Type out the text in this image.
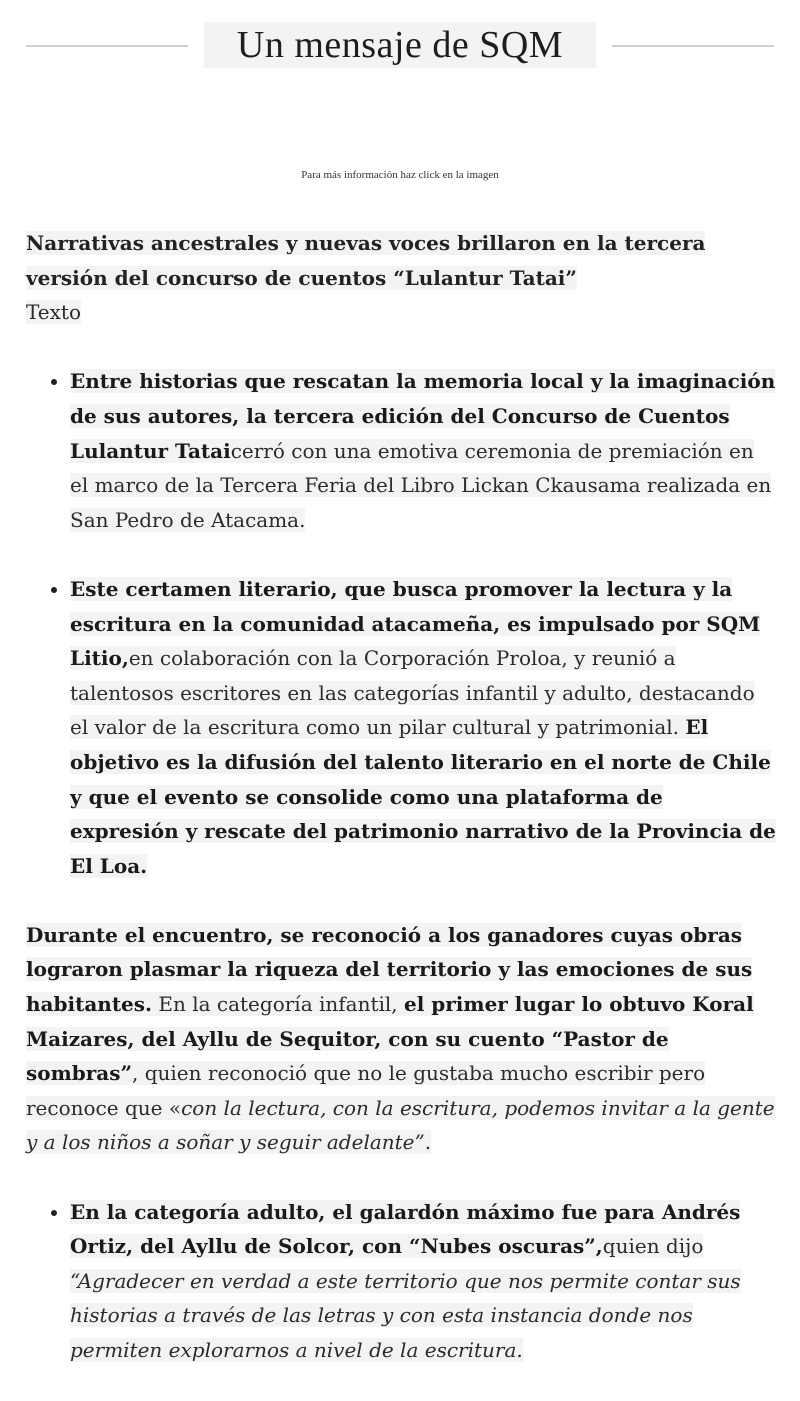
Un mensaje de SQM
Para más información haz click en la imagen

Narrativas ancestrales y nuevas voces brillaron en la tercera versión del concurso de cuentos “Lulantur Tatai”
Texto

• Entre historias que rescatan la memoria local y la imaginación de sus autores, la tercera edición del Concurso de Cuentos Lulantur Tataicerró con una emotiva ceremonia de premiación en el marco de la Tercera Feria del Libro Lickan Ckausama realizada en San Pedro de Atacama.
• Este certamen literario, que busca promover la lectura y la escritura en la comunidad atacameña, es impulsado por SQM Litio,en colaboración con la Corporación Proloa, y reunió a talentosos escritores en las categorías infantil y adulto, destacando el valor de la escritura como un pilar cultural y patrimonial. El objetivo es la difusión del talento literario en el norte de Chile y que el evento se consolide como una plataforma de expresión y rescate del patrimonio narrativo de la Provincia de El Loa.

Durante el encuentro, se reconoció a los ganadores cuyas obras lograron plasmar la riqueza del territorio y las emociones de sus habitantes. En la categoría infantil, el primer lugar lo obtuvo Koral Maizares, del Ayllu de Sequitor, con su cuento “Pastor de sombras”, quien reconoció que no le gustaba mucho escribir pero reconoce que «con la lectura, con la escritura, podemos invitar a la gente y a los niños a soñar y seguir adelante”.

• En la categoría adulto, el galardón máximo fue para Andrés Ortiz, del Ayllu de Solcor, con “Nubes oscuras”,quien dijo “Agradecer en verdad a este territorio que nos permite contar sus historias a través de las letras y con esta instancia donde nos permiten explorarnos a nivel de la escritura.
